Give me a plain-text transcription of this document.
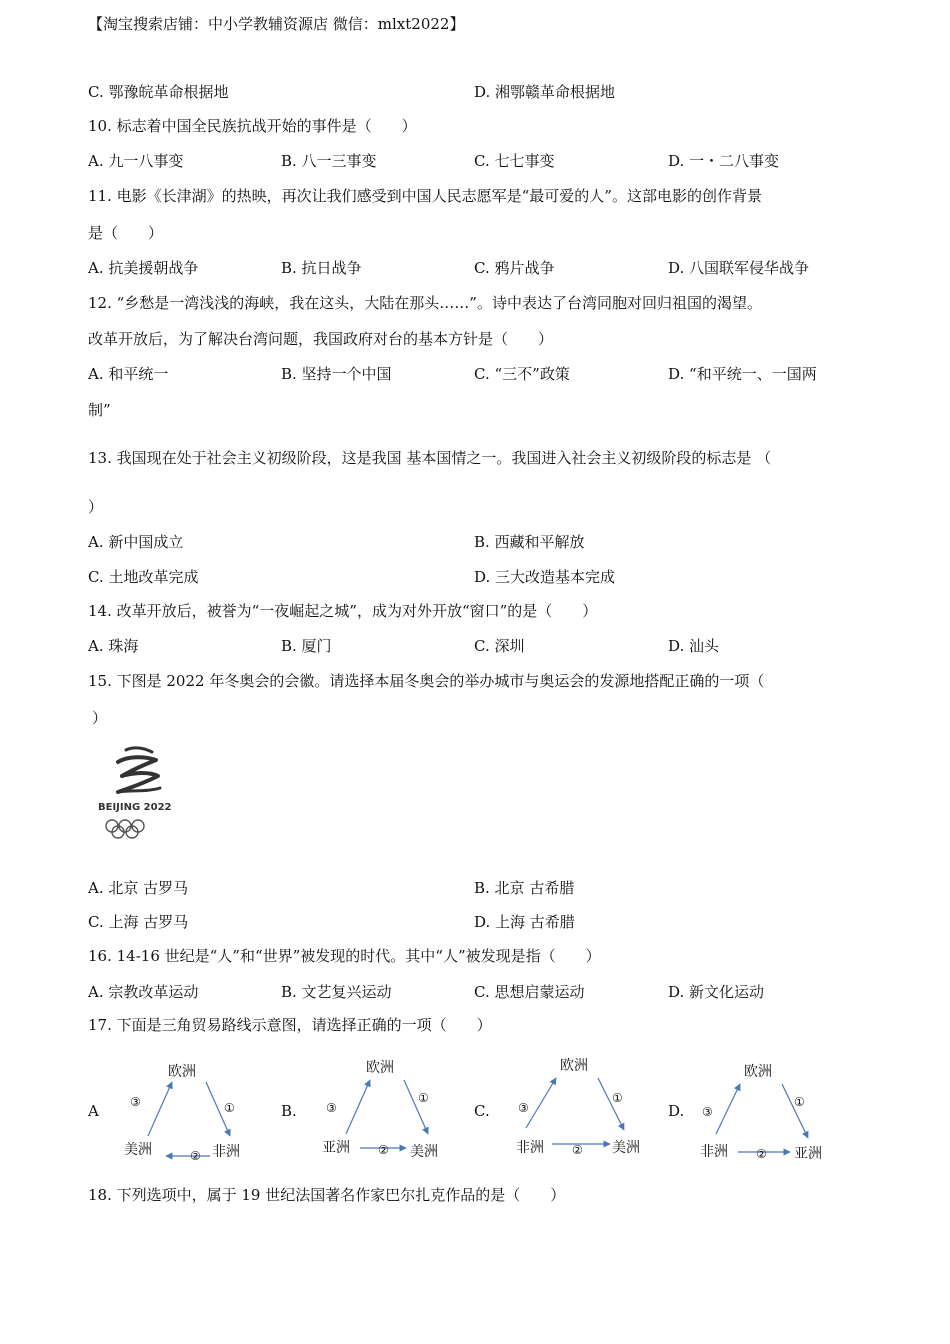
【淘宝搜索店铺：中小学教辅资源店 微信：mlxt2022】
C. 鄂豫皖革命根据地	D. 湘鄂赣革命根据地
10. 标志着中国全民族抗战开始的事件是（　　）
A. 九一八事变	B. 八一三事变	C. 七七事变	D. 一・二八事变
11. 电影《长津湖》的热映，再次让我们感受到中国人民志愿军是“最可爱的人”。这部电影的创作背景
是（　　）
A. 抗美援朝战争	B. 抗日战争	C. 鸦片战争	D. 八国联军侵华战争
12. “乡愁是一湾浅浅的海峡，我在这头，大陆在那头……”。诗中表达了台湾同胞对回归祖国的渴望。
改革开放后，为了解决台湾问题，我国政府对台的基本方针是（　　）
A. 和平统一	B. 坚持一个中国	C. “三不”政策	D. “和平统一、一国两
制”
13. 我国现在处于社会主义初级阶段，这是我国 基本国情之一。我国进入社会主义初级阶段的标志是 （
）
A. 新中国成立	B. 西藏和平解放
C. 土地改革完成	D. 三大改造基本完成
14. 改革开放后，被誉为“一夜崛起之城”，成为对外开放“窗口”的是（　　）
A. 珠海	B. 厦门	C. 深圳	D. 汕头
15. 下图是 2022 年冬奥会的会徽。请选择本届冬奥会的举办城市与奥运会的发源地搭配正确的一项（
）
BEIJING 2022
A. 北京 古罗马	B. 北京 古希腊
C. 上海 古罗马	D. 上海 古希腊
16. 14-16 世纪是“人”和“世界”被发现的时代。其中“人”被发现是指（　　）
A. 宗教改革运动	B. 文艺复兴运动	C. 思想启蒙运动	D. 新文化运动
17. 下面是三角贸易路线示意图，请选择正确的一项（　　）
A
欧洲
美洲	非洲
③	①
②
B.
欧洲
亚洲	美洲
③
①
②
C.
欧洲
非洲	美洲
③
①
②
D.
欧洲
非洲	亚洲
③
①
②
18. 下列选项中，属于 19 世纪法国著名作家巴尔扎克作品的是（　　）
